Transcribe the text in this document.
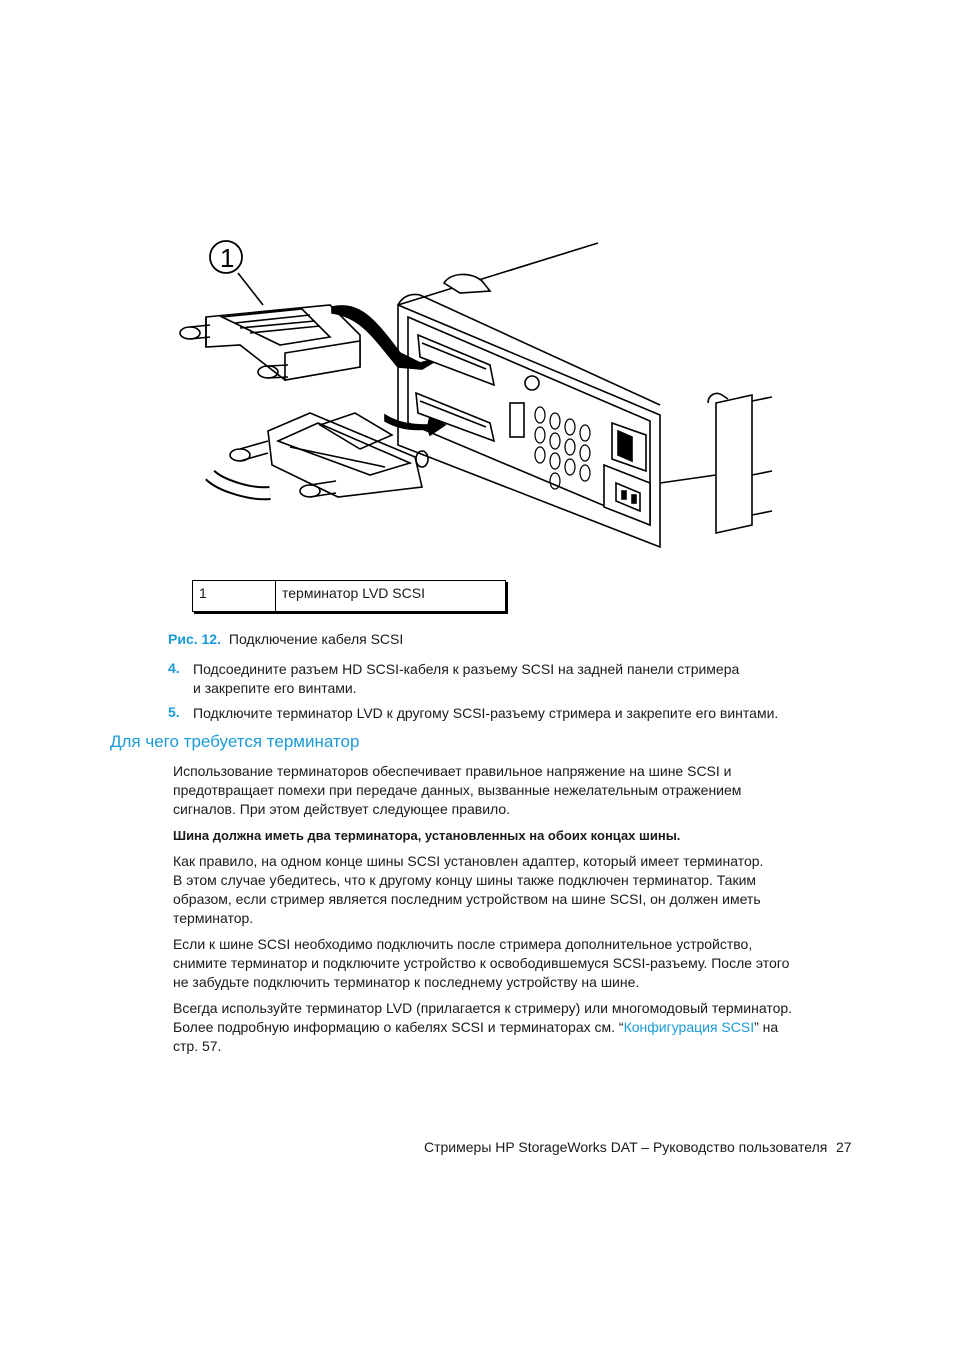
1
1	терминатор LVD SCSI
Рис. 12. Подключение кабеля SCSI
4. Подсоедините разъем HD SCSI-кабеля к разъему SCSI на задней панели стримера
и закрепите его винтами.
5. Подключите терминатор LVD к другому SCSI-разъему стримера и закрепите его винтами.
Для чего требуется терминатор
Использование терминаторов обеспечивает правильное напряжение на шине SCSI и
предотвращает помехи при передаче данных, вызванные нежелательным отражением
сигналов. При этом действует следующее правило.
Шина должна иметь два терминатора, установленных на обоих концах шины.
Как правило, на одном конце шины SCSI установлен адаптер, который имеет терминатор.
В этом случае убедитесь, что к другому концу шины также подключен терминатор. Таким
образом, если стример является последним устройством на шине SCSI, он должен иметь
терминатор.
Если к шине SCSI необходимо подключить после стримера дополнительное устройство,
снимите терминатор и подключите устройство к освободившемуся SCSI-разъему. После этого
не забудьте подключить терминатор к последнему устройству на шине.
Всегда используйте терминатор LVD (прилагается к стримеру) или многомодовый терминатор.
Более подробную информацию о кабелях SCSI и терминаторах см. “Конфигурация SCSI” на
стр. 57.
Стримеры HP StorageWorks DAT – Руководство пользователя 27
